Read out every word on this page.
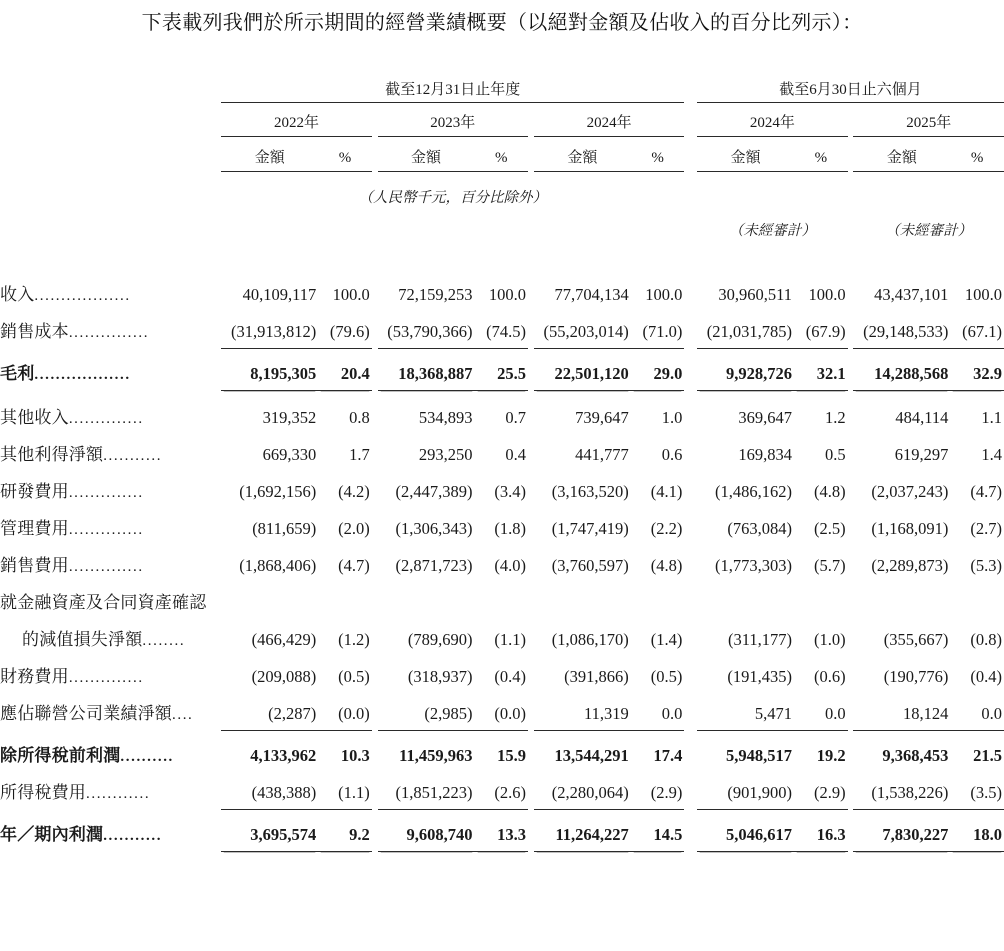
下表載列我們於所示期間的經營業績概要（以絕對金額及佔收入的百分比列示）：
	截至12月31日止年度									截至6月30日止六個月				

	2022年			2023年			2024年			2024年			2025年	

	金額	%		金額	%		金額	%		金額	%		金額	%

	（人民幣千元，百分比除外）													
										（未經審計）			（未經審計）	

收入..................	40,109,117	100.0		72,159,253	100.0		77,704,134	100.0		30,960,511	100.0		43,437,101	100.0
銷售成本...............	(31,913,812)	(79.6)		(53,790,366)	(74.5)		(55,203,014)	(71.0)		(21,031,785)	(67.9)		(29,148,533)	(67.1)
毛利..................	8,195,305	20.4		18,368,887	25.5		22,501,120	29.0		9,928,726	32.1		14,288,568	32.9
其他收入..............	319,352	0.8		534,893	0.7		739,647	1.0		369,647	1.2		484,114	1.1
其他利得淨額...........	669,330	1.7		293,250	0.4		441,777	0.6		169,834	0.5		619,297	1.4
研發費用..............	(1,692,156)	(4.2)		(2,447,389)	(3.4)		(3,163,520)	(4.1)		(1,486,162)	(4.8)		(2,037,243)	(4.7)
管理費用..............	(811,659)	(2.0)		(1,306,343)	(1.8)		(1,747,419)	(2.2)		(763,084)	(2.5)		(1,168,091)	(2.7)
銷售費用..............	(1,868,406)	(4.7)		(2,871,723)	(4.0)		(3,760,597)	(4.8)		(1,773,303)	(5.7)		(2,289,873)	(5.3)
就金融資產及合同資產確認														
的減值損失淨額........	(466,429)	(1.2)		(789,690)	(1.1)		(1,086,170)	(1.4)		(311,177)	(1.0)		(355,667)	(0.8)
財務費用..............	(209,088)	(0.5)		(318,937)	(0.4)		(391,866)	(0.5)		(191,435)	(0.6)		(190,776)	(0.4)
應佔聯營公司業績淨額....	(2,287)	(0.0)		(2,985)	(0.0)		11,319	0.0		5,471	0.0		18,124	0.0
除所得稅前利潤..........	4,133,962	10.3		11,459,963	15.9		13,544,291	17.4		5,948,517	19.2		9,368,453	21.5
所得稅費用............	(438,388)	(1.1)		(1,851,223)	(2.6)		(2,280,064)	(2.9)		(901,900)	(2.9)		(1,538,226)	(3.5)
年／期內利潤...........	3,695,574	9.2		9,608,740	13.3		11,264,227	14.5		5,046,617	16.3		7,830,227	18.0
